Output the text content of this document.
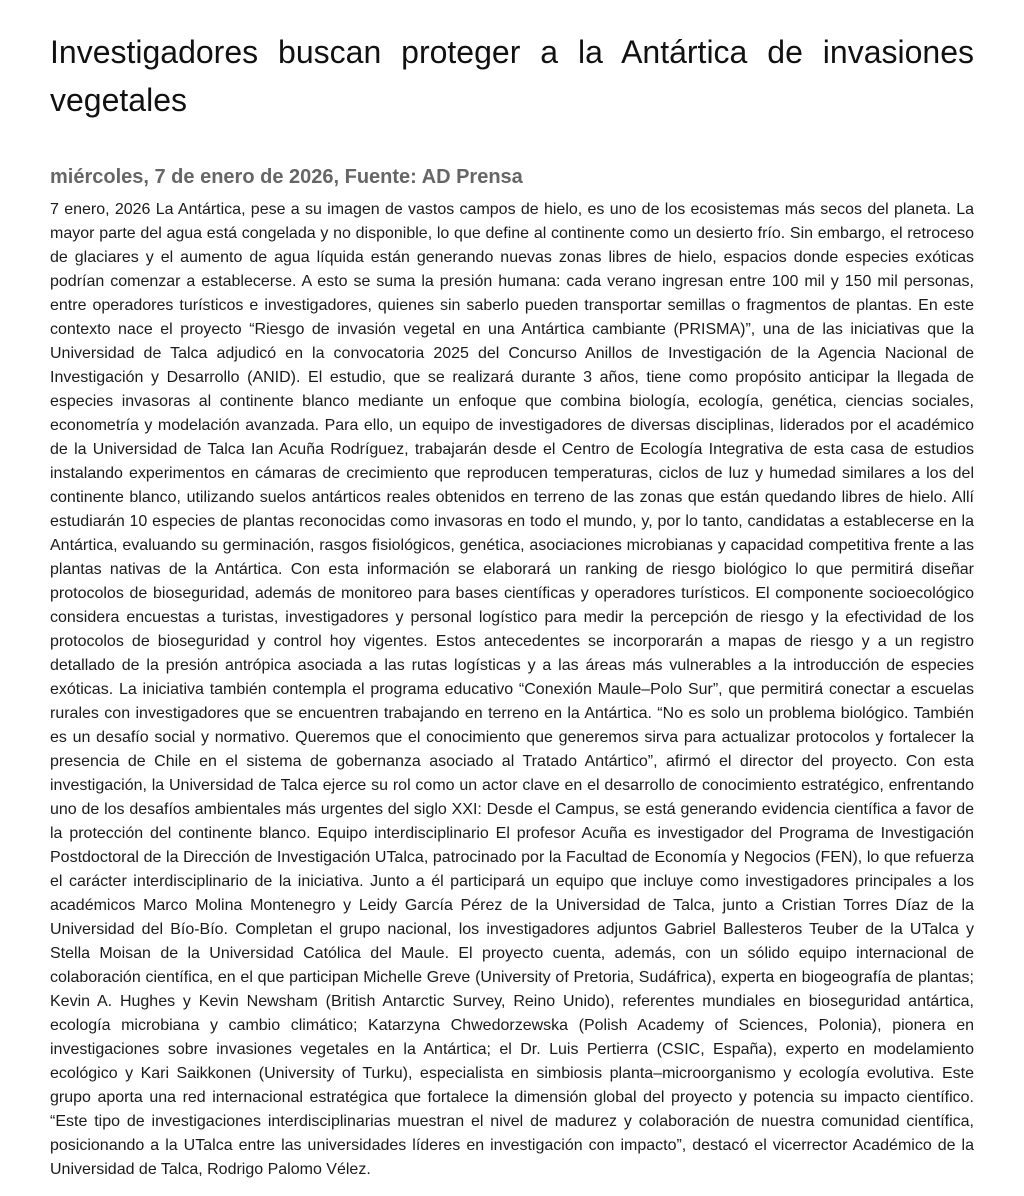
Investigadores buscan proteger a la Antártica de invasiones vegetales
miércoles, 7 de enero de 2026, Fuente: AD Prensa

7 enero, 2026 La Antártica, pese a su imagen de vastos campos de hielo, es uno de los ecosistemas más secos del planeta. La mayor parte del agua está congelada y no disponible, lo que define al continente como un desierto frío. Sin embargo, el retroceso de glaciares y el aumento de agua líquida están generando nuevas zonas libres de hielo, espacios donde especies exóticas podrían comenzar a establecerse. A esto se suma la presión humana: cada verano ingresan entre 100 mil y 150 mil personas, entre operadores turísticos e investigadores, quienes sin saberlo pueden transportar semillas o fragmentos de plantas. En este contexto nace el proyecto “Riesgo de invasión vegetal en una Antártica cambiante (PRISMA)”, una de las iniciativas que la Universidad de Talca adjudicó en la convocatoria 2025 del Concurso Anillos de Investigación de la Agencia Nacional de Investigación y Desarrollo (ANID). El estudio, que se realizará durante 3 años, tiene como propósito anticipar la llegada de especies invasoras al continente blanco mediante un enfoque que combina biología, ecología, genética, ciencias sociales, econometría y modelación avanzada. Para ello, un equipo de investigadores de diversas disciplinas, liderados por el académico de la Universidad de Talca Ian Acuña Rodríguez, trabajarán desde el Centro de Ecología Integrativa de esta casa de estudios instalando experimentos en cámaras de crecimiento que reproducen temperaturas, ciclos de luz y humedad similares a los del continente blanco, utilizando suelos antárticos reales obtenidos en terreno de las zonas que están quedando libres de hielo. Allí estudiarán 10 especies de plantas reconocidas como invasoras en todo el mundo, y, por lo tanto, candidatas a establecerse en la Antártica, evaluando su germinación, rasgos fisiológicos, genética, asociaciones microbianas y capacidad competitiva frente a las plantas nativas de la Antártica. Con esta información se elaborará un ranking de riesgo biológico lo que permitirá diseñar protocolos de bioseguridad, además de monitoreo para bases científicas y operadores turísticos. El componente socioecológico considera encuestas a turistas, investigadores y personal logístico para medir la percepción de riesgo y la efectividad de los protocolos de bioseguridad y control hoy vigentes. Estos antecedentes se incorporarán a mapas de riesgo y a un registro detallado de la presión antrópica asociada a las rutas logísticas y a las áreas más vulnerables a la introducción de especies exóticas. La iniciativa también contempla el programa educativo “Conexión Maule–Polo Sur”, que permitirá conectar a escuelas rurales con investigadores que se encuentren trabajando en terreno en la Antártica. “No es solo un problema biológico. También es un desafío social y normativo. Queremos que el conocimiento que generemos sirva para actualizar protocolos y fortalecer la presencia de Chile en el sistema de gobernanza asociado al Tratado Antártico”, afirmó el director del proyecto. Con esta investigación, la Universidad de Talca ejerce su rol como un actor clave en el desarrollo de conocimiento estratégico, enfrentando uno de los desafíos ambientales más urgentes del siglo XXI: Desde el Campus, se está generando evidencia científica a favor de la protección del continente blanco. Equipo interdisciplinario El profesor Acuña es investigador del Programa de Investigación Postdoctoral de la Dirección de Investigación UTalca, patrocinado por la Facultad de Economía y Negocios (FEN), lo que refuerza el carácter interdisciplinario de la iniciativa. Junto a él participará un equipo que incluye como investigadores principales a los académicos Marco Molina Montenegro y Leidy García Pérez de la Universidad de Talca, junto a Cristian Torres Díaz de la Universidad del Bío-Bío. Completan el grupo nacional, los investigadores adjuntos Gabriel Ballesteros Teuber de la UTalca y Stella Moisan de la Universidad Católica del Maule. El proyecto cuenta, además, con un sólido equipo internacional de colaboración científica, en el que participan Michelle Greve (University of Pretoria, Sudáfrica), experta en biogeografía de plantas; Kevin A. Hughes y Kevin Newsham (British Antarctic Survey, Reino Unido), referentes mundiales en bioseguridad antártica, ecología microbiana y cambio climático; Katarzyna Chwedorzewska (Polish Academy of Sciences, Polonia), pionera en investigaciones sobre invasiones vegetales en la Antártica; el Dr. Luis Pertierra (CSIC, España), experto en modelamiento ecológico y Kari Saikkonen (University of Turku), especialista en simbiosis planta–microorganismo y ecología evolutiva. Este grupo aporta una red internacional estratégica que fortalece la dimensión global del proyecto y potencia su impacto científico. “Este tipo de investigaciones interdisciplinarias muestran el nivel de madurez y colaboración de nuestra comunidad científica, posicionando a la UTalca entre las universidades líderes en investigación con impacto”, destacó el vicerrector Académico de la Universidad de Talca, Rodrigo Palomo Vélez.
